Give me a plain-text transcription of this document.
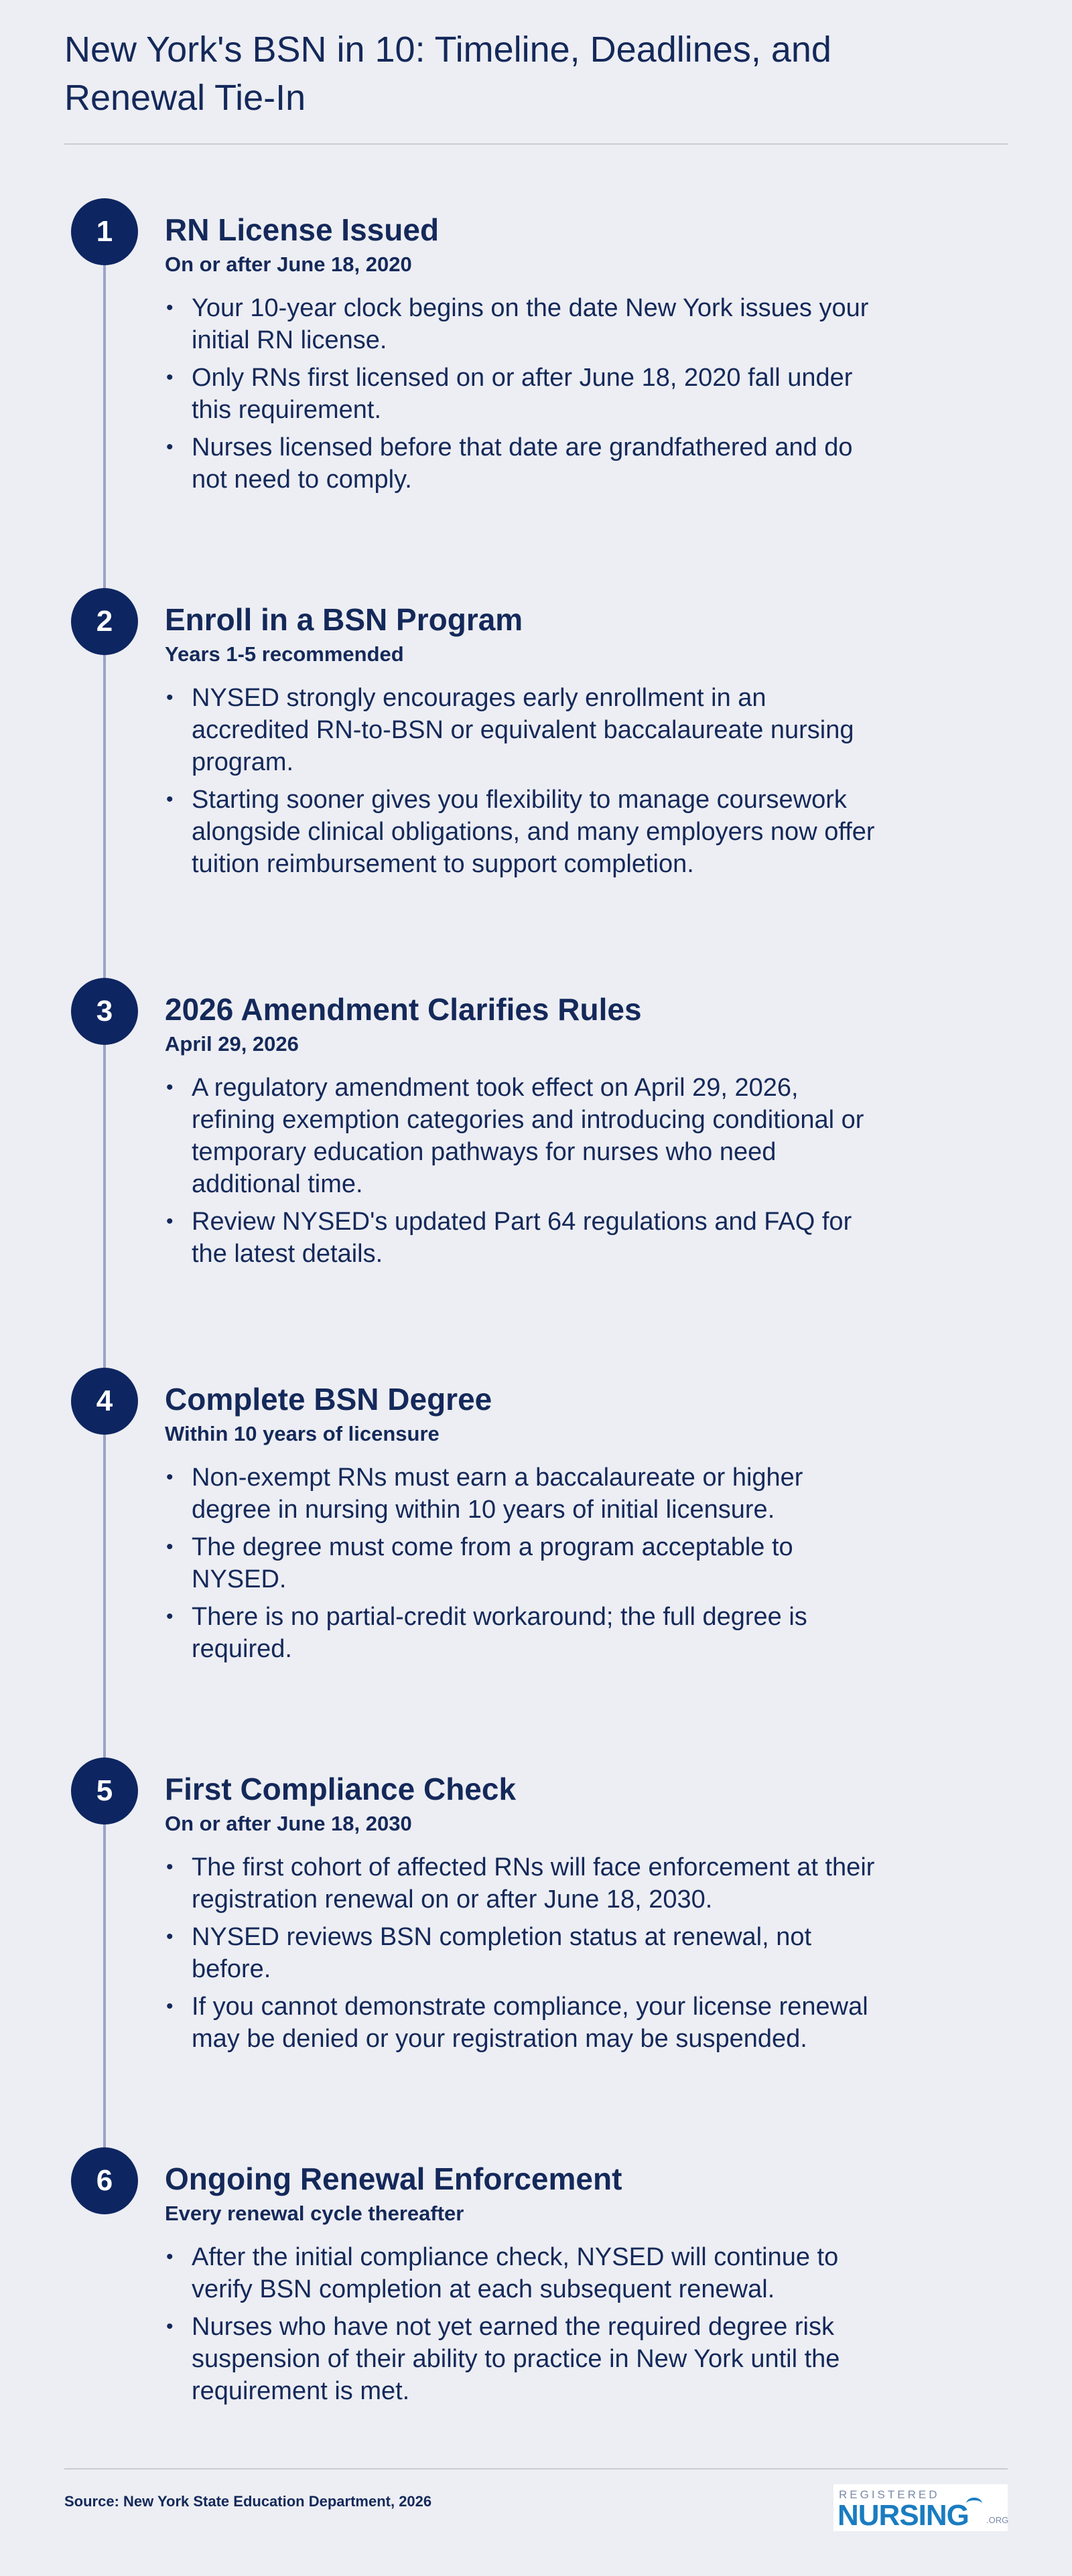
New York's BSN in 10: Timeline, Deadlines, and Renewal Tie-In
1	RN License Issued

On or after June 18, 2020

• Your 10-year clock begins on the date New York issues your initial RN license.
• Only RNs first licensed on or after June 18, 2020 fall under this requirement.
• Nurses licensed before that date are grandfathered and do not need to comply.
2	Enroll in a BSN Program

Years 1-5 recommended

• NYSED strongly encourages early enrollment in an accredited RN-to-BSN or equivalent baccalaureate nursing program.
• Starting sooner gives you flexibility to manage coursework alongside clinical obligations, and many employers now offer tuition reimbursement to support completion.
3	2026 Amendment Clarifies Rules

April 29, 2026

• A regulatory amendment took effect on April 29, 2026, refining exemption categories and introducing conditional or temporary education pathways for nurses who need additional time.
• Review NYSED's updated Part 64 regulations and FAQ for the latest details.
4	Complete BSN Degree

Within 10 years of licensure

• Non-exempt RNs must earn a baccalaureate or higher degree in nursing within 10 years of initial licensure.
• The degree must come from a program acceptable to NYSED.
• There is no partial-credit workaround; the full degree is required.
5	First Compliance Check

On or after June 18, 2030

• The first cohort of affected RNs will face enforcement at their registration renewal on or after June 18, 2030.
• NYSED reviews BSN completion status at renewal, not before.
• If you cannot demonstrate compliance, your license renewal may be denied or your registration may be suspended.
6	Ongoing Renewal Enforcement

Every renewal cycle thereafter

• After the initial compliance check, NYSED will continue to verify BSN completion at each subsequent renewal.
• Nurses who have not yet earned the required degree risk suspension of their ability to practice in New York until the requirement is met.
Source: New York State Education Department, 2026	REGISTERED
NURSING .ORG
